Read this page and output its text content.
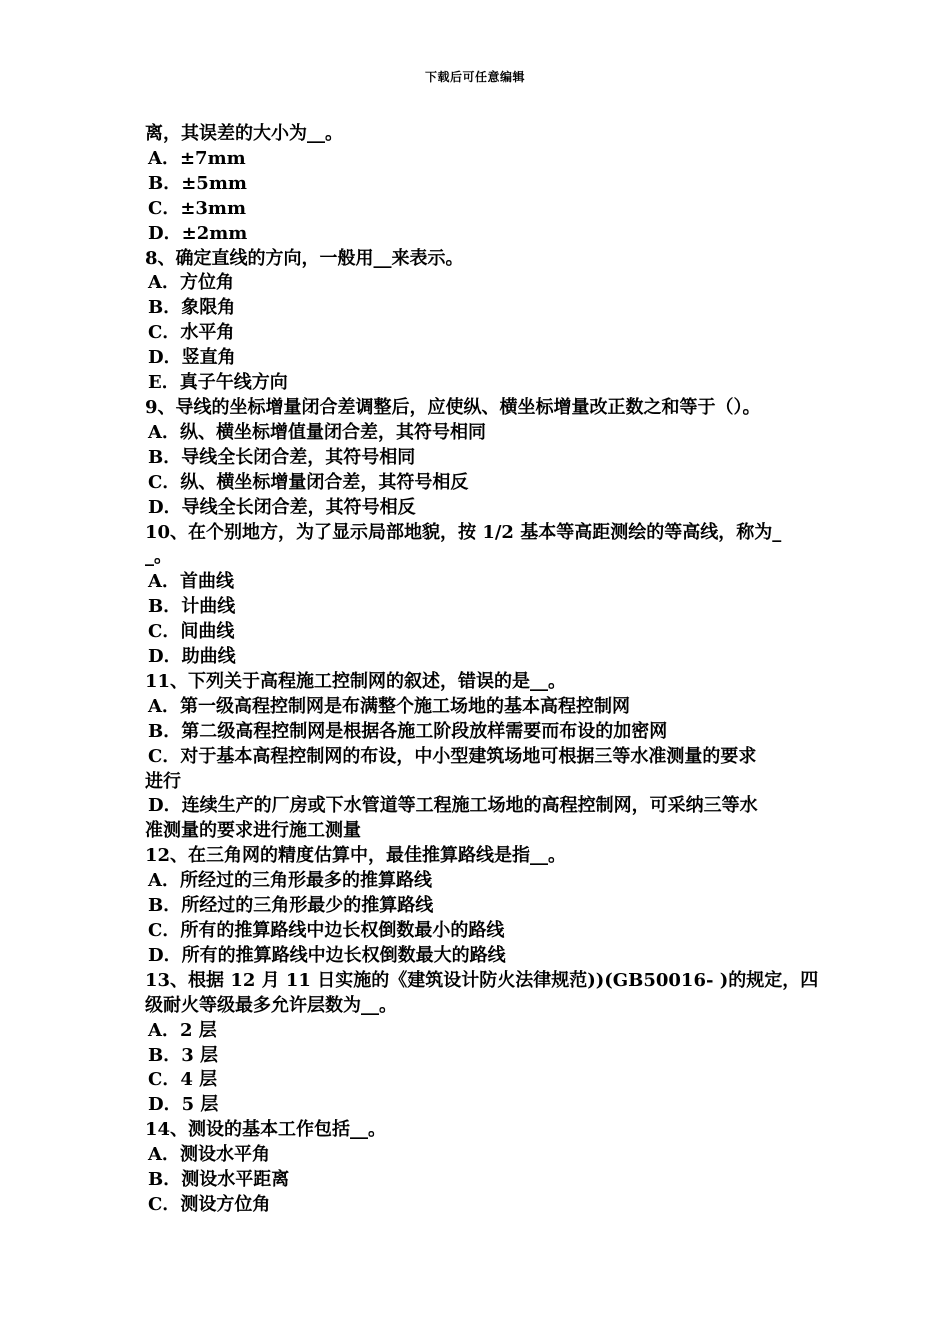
下载后可任意编辑
离，其误差的大小为__。
A．±7mm
B．±5mm
C．±3mm
D．±2mm
8、确定直线的方向，一般用__来表示。
A．方位角
B．象限角
C．水平角
D．竖直角
E．真子午线方向
9、导线的坐标增量闭合差调整后，应使纵、横坐标增量改正数之和等于（）。
A．纵、横坐标增值量闭合差，其符号相同
B．导线全长闭合差，其符号相同
C．纵、横坐标增量闭合差，其符号相反
D．导线全长闭合差，其符号相反
10、在个别地方，为了显示局部地貌，按 1/2 基本等高距测绘的等高线，称为_
_。
A．首曲线
B．计曲线
C．间曲线
D．助曲线
11、下列关于高程施工控制网的叙述，错误的是__。
A．第一级高程控制网是布满整个施工场地的基本高程控制网
B．第二级高程控制网是根据各施工阶段放样需要而布设的加密网
C．对于基本高程控制网的布设，中小型建筑场地可根据三等水准测量的要求
进行
D．连续生产的厂房或下水管道等工程施工场地的高程控制网，可采纳三等水
准测量的要求进行施工测量
12、在三角网的精度估算中，最佳推算路线是指__。
A．所经过的三角形最多的推算路线
B．所经过的三角形最少的推算路线
C．所有的推算路线中边长权倒数最小的路线
D．所有的推算路线中边长权倒数最大的路线
13、根据 12 月 11 日实施的《建筑设计防火法律规范))(GB50016- )的规定，四
级耐火等级最多允许层数为__。
A．2 层
B．3 层
C．4 层
D．5 层
14、测设的基本工作包括__。
A．测设水平角
B．测设水平距离
C．测设方位角
